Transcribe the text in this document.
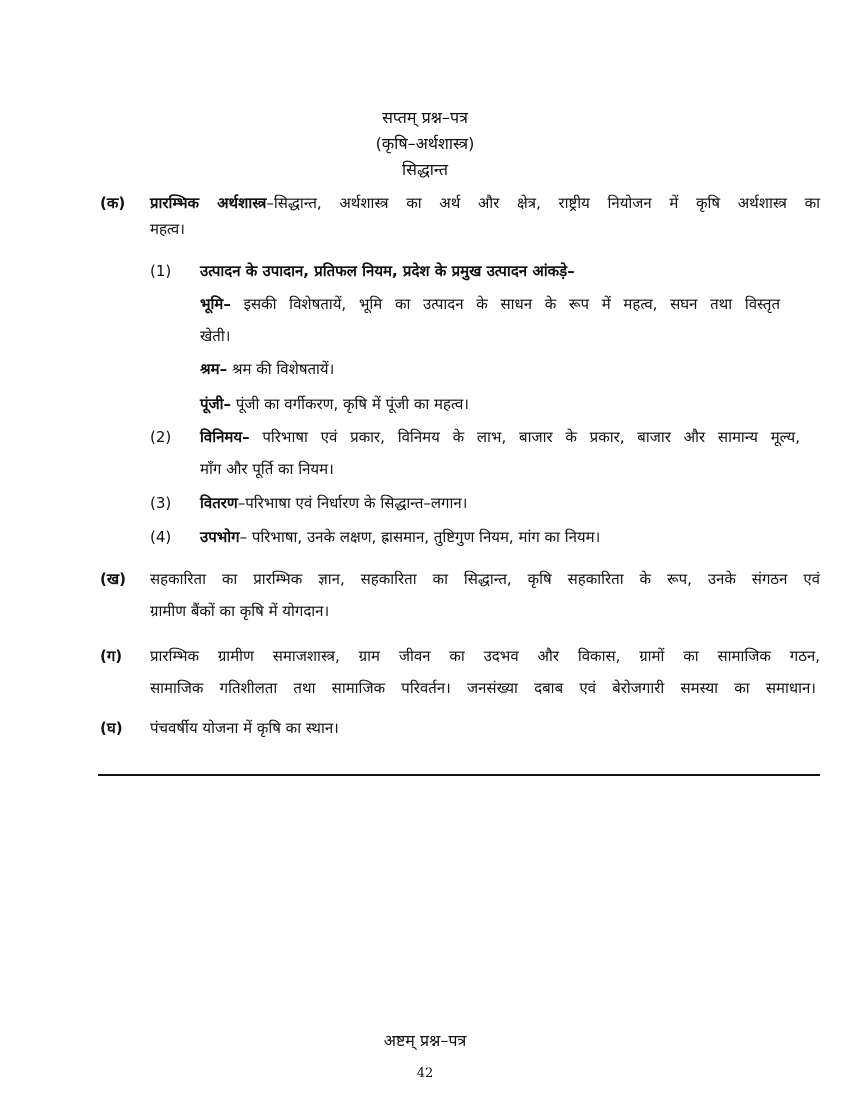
सप्तम् प्रश्न–पत्र
(कृषि–अर्थशास्त्र)
सिद्धान्त
(क) प्रारम्भिक अर्थशास्त्र–सिद्धान्त, अर्थशास्त्र का अर्थ और क्षेत्र, राष्ट्रीय नियोजन में कृषि अर्थशास्त्र का
महत्व।
(1) उत्पादन के उपादान, प्रतिफल नियम, प्रदेश के प्रमुख उत्पादन आंकड़े–
भूमि– इसकी विशेषतायें, भूमि का उत्पादन के साधन के रूप में महत्व, सघन तथा विस्तृत
खेती।
श्रम– श्रम की विशेषतायें।
पूंजी– पूंजी का वर्गीकरण, कृषि में पूंजी का महत्व।
(2) विनिमय– परिभाषा एवं प्रकार, विनिमय के लाभ, बाजार के प्रकार, बाजार और सामान्य मूल्य,
माँग और पूर्ति का नियम।
(3) वितरण–परिभाषा एवं निर्धारण के सिद्धान्त–लगान।
(4) उपभोग– परिभाषा, उनके लक्षण, ह्रासमान, तुष्टिगुण नियम, मांग का नियम।
(ख) सहकारिता का प्रारम्भिक ज्ञान, सहकारिता का सिद्धान्त, कृषि सहकारिता के रूप, उनके संगठन एवं
ग्रामीण बैंकों का कृषि में योगदान।
(ग) प्रारम्भिक ग्रामीण समाजशास्त्र, ग्राम जीवन का उदभव और विकास, ग्रामों का सामाजिक गठन,
सामाजिक गतिशीलता तथा सामाजिक परिवर्तन। जनसंख्या दबाब एवं बेरोजगारी समस्या का समाधान।
(घ) पंचवर्षीय योजना में कृषि का स्थान।
अष्टम् प्रश्न–पत्र
42
